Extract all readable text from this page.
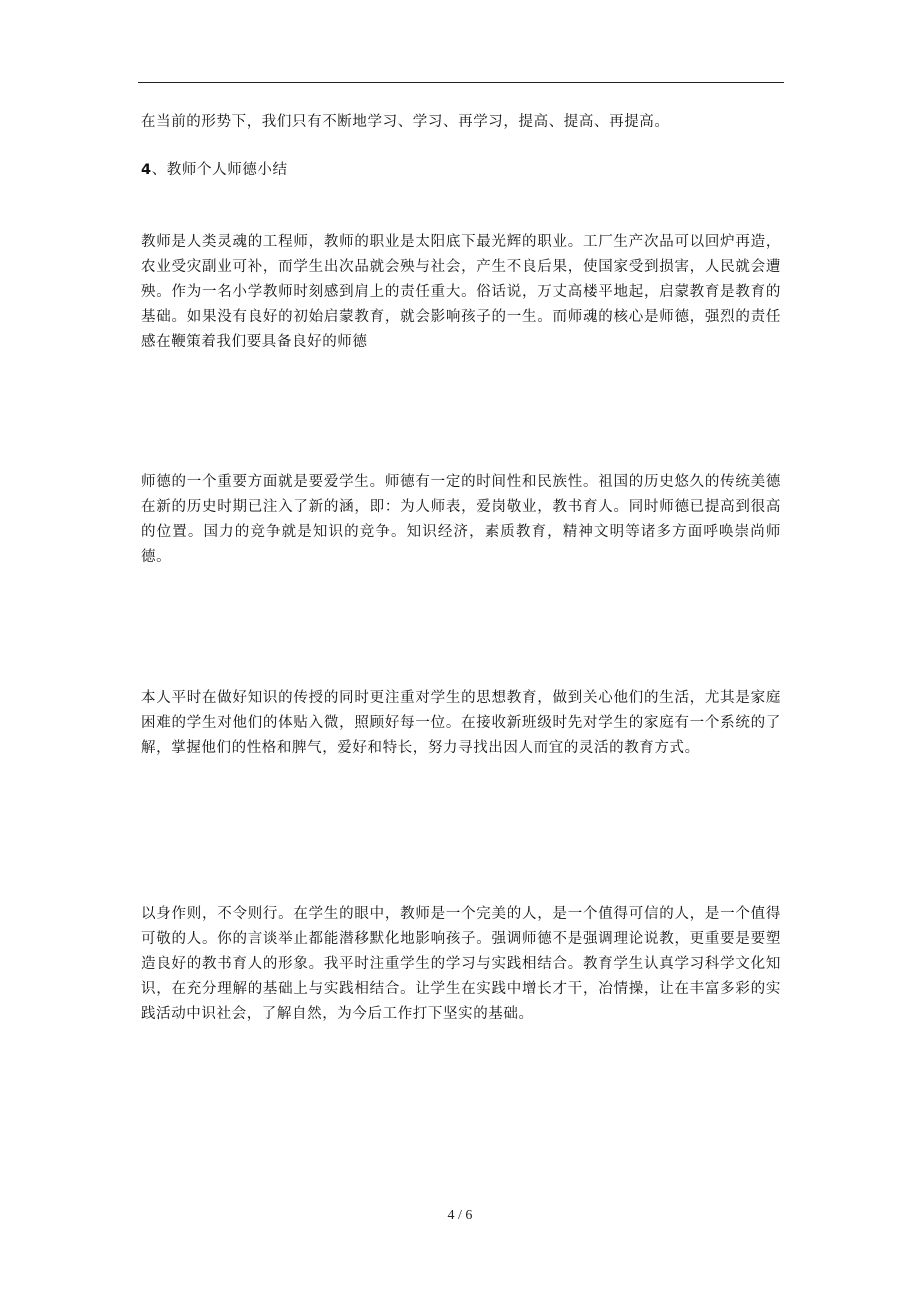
在当前的形势下，我们只有不断地学习、学习、再学习，提高、提高、再提高。

4、教师个人师德小结

教师是人类灵魂的工程师，教师的职业是太阳底下最光辉的职业。工厂生产次品可以回炉再造，农业受灾副业可补，而学生出次品就会殃与社会，产生不良后果，使国家受到损害，人民就会遭殃。作为一名小学教师时刻感到肩上的责任重大。俗话说，万丈高楼平地起，启蒙教育是教育的基础。如果没有良好的初始启蒙教育，就会影响孩子的一生。而师魂的核心是师德，强烈的责任感在鞭策着我们要具备良好的师德

师德的一个重要方面就是要爱学生。师德有一定的时间性和民族性。祖国的历史悠久的传统美德在新的历史时期已注入了新的涵，即：为人师表，爱岗敬业，教书育人。同时师德已提高到很高的位置。国力的竞争就是知识的竞争。知识经济，素质教育，精神文明等诸多方面呼唤崇尚师德。

本人平时在做好知识的传授的同时更注重对学生的思想教育，做到关心他们的生活，尤其是家庭困难的学生对他们的体贴入微，照顾好每一位。在接收新班级时先对学生的家庭有一个系统的了解，掌握他们的性格和脾气，爱好和特长，努力寻找出因人而宜的灵活的教育方式。

以身作则，不令则行。在学生的眼中，教师是一个完美的人，是一个值得可信的人，是一个值得可敬的人。你的言谈举止都能潜移默化地影响孩子。强调师德不是强调理论说教，更重要是要塑造良好的教书育人的形象。我平时注重学生的学习与实践相结合。教育学生认真学习科学文化知识，在充分理解的基础上与实践相结合。让学生在实践中增长才干，冶情操，让在丰富多彩的实践活动中识社会，了解自然，为今后工作打下坚实的基础。

4 / 6
